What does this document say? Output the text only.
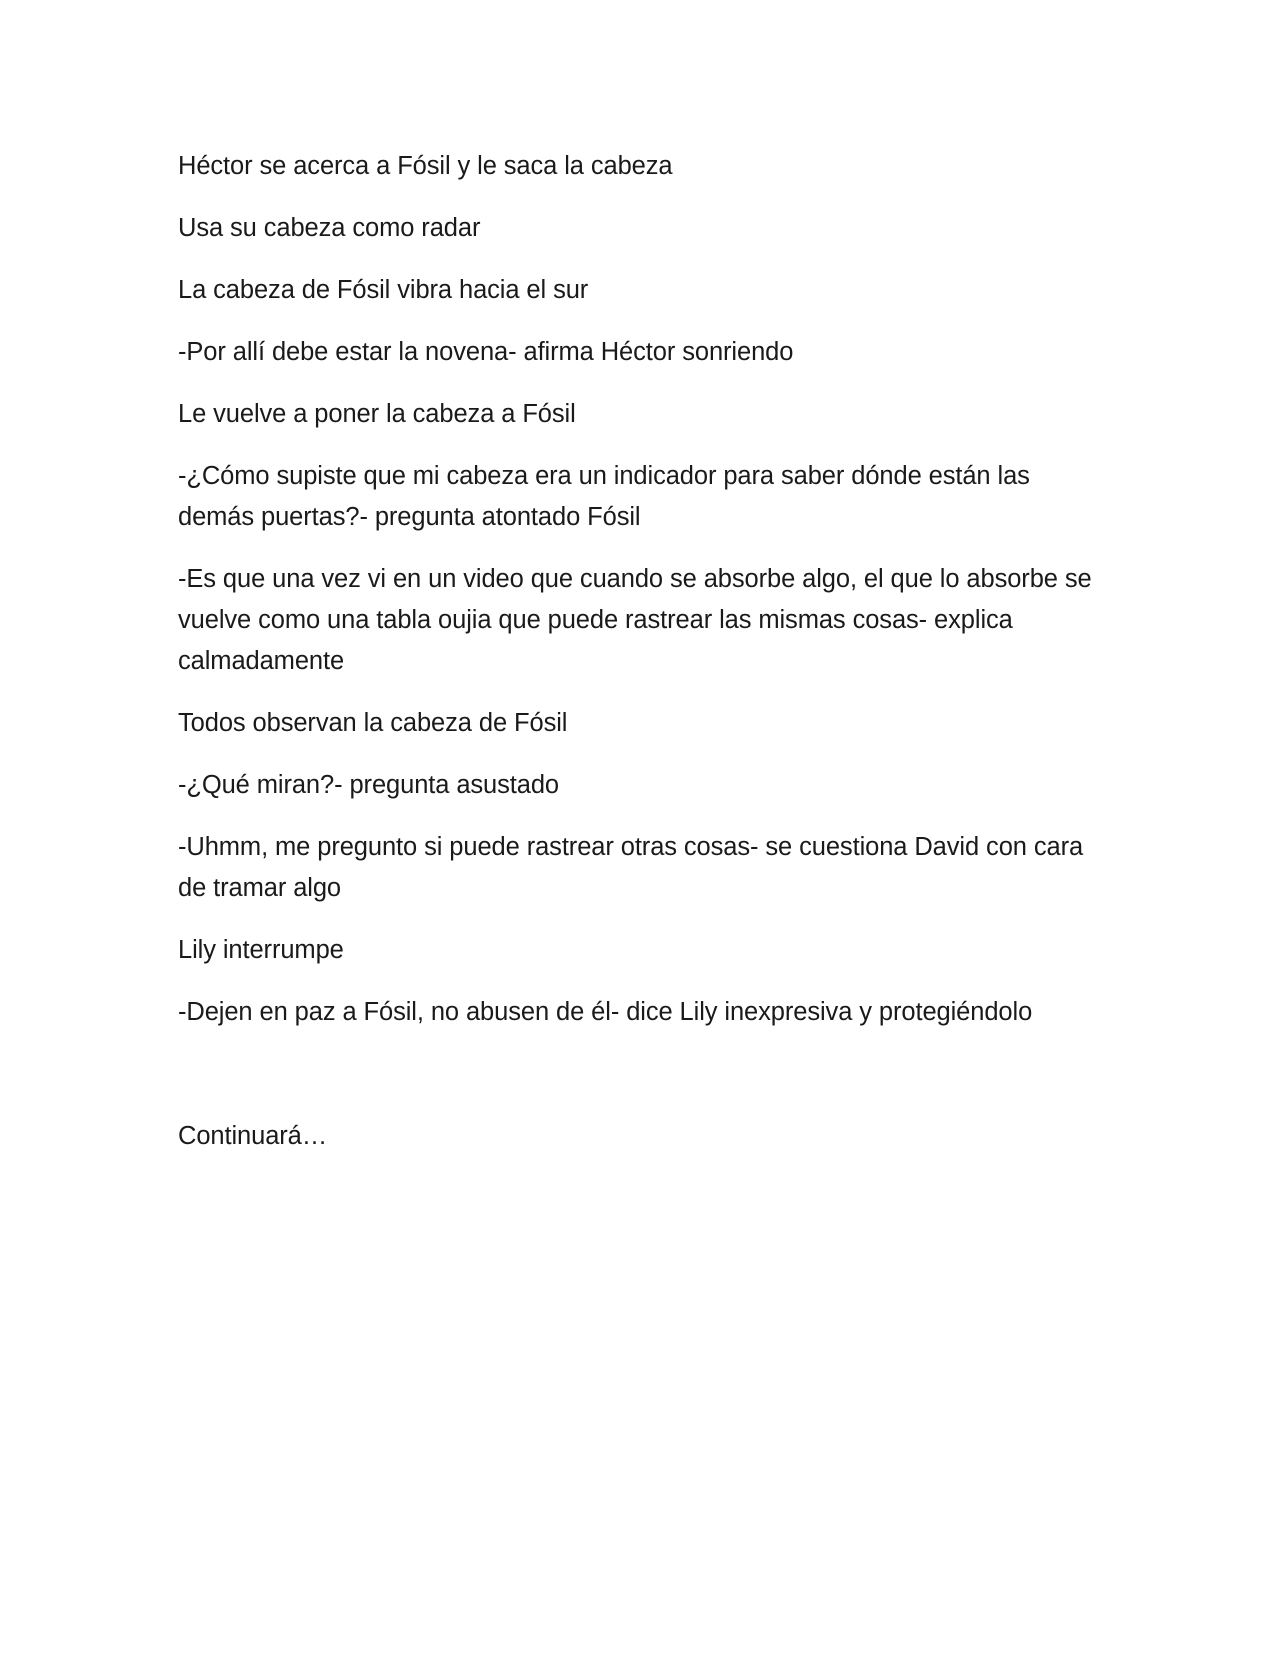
Héctor se acerca a Fósil y le saca la cabeza

Usa su cabeza como radar

La cabeza de Fósil vibra hacia el sur

-Por allí debe estar la novena- afirma Héctor sonriendo

Le vuelve a poner la cabeza a Fósil

-¿Cómo supiste que mi cabeza era un indicador para saber dónde están las demás puertas?- pregunta atontado Fósil

-Es que una vez vi en un video que cuando se absorbe algo, el que lo absorbe se vuelve como una tabla oujia que puede rastrear las mismas cosas- explica calmadamente

Todos observan la cabeza de Fósil

-¿Qué miran?- pregunta asustado

-Uhmm, me pregunto si puede rastrear otras cosas- se cuestiona David con cara de tramar algo

Lily interrumpe

-Dejen en paz a Fósil, no abusen de él- dice Lily inexpresiva y protegiéndolo

Continuará…
